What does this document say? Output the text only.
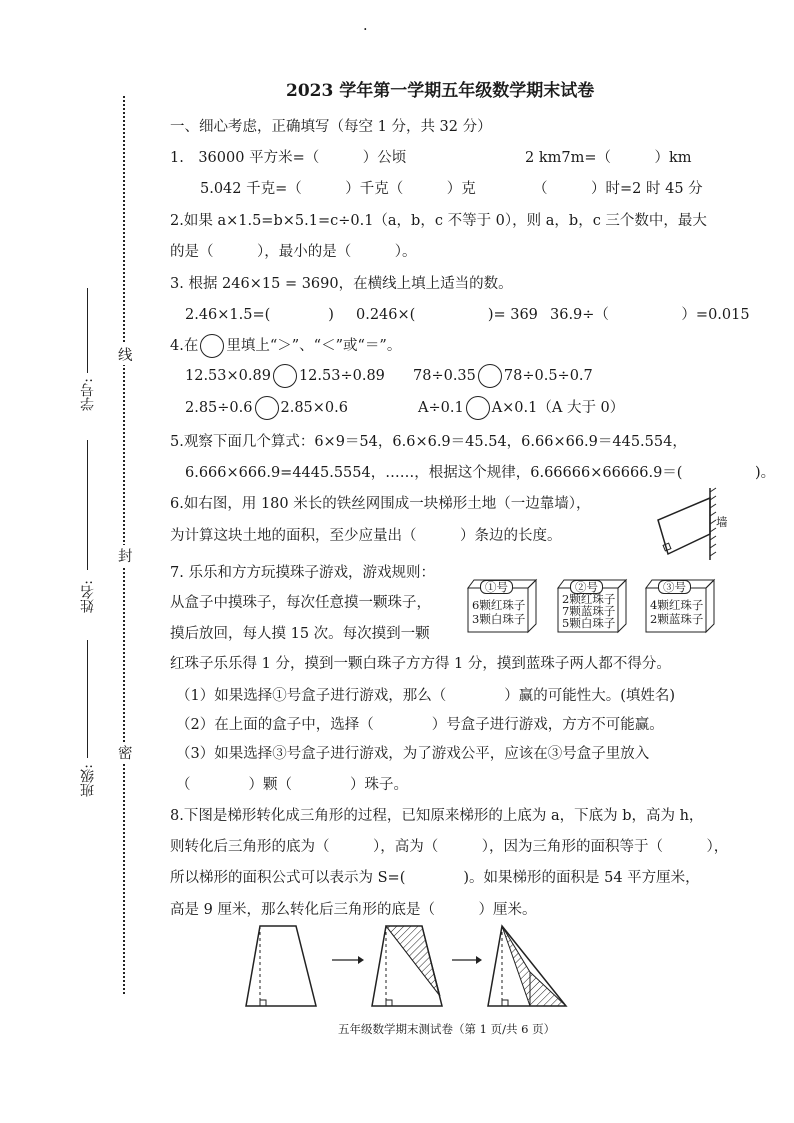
·
2023 学年第一学期五年级数学期末试卷
线
封
密
学号:
姓名:
班级:
一、细心考虑，正确填写（每空 1 分，共 32 分）
1.　36000 平方米=（　　　）公顷	2 km7m=（　　　）km
5.042 千克=（　　　）千克（　　　）克	（　　　）时=2 时 45 分
2.如果 a×1.5=b×5.1=c÷0.1（a，b，c 不等于 0），则 a，b，c 三个数中，最大
的是（　　　），最小的是（　　　）。
3. 根据 246×15 = 3690，在横线上填上适当的数。
2.46×1.5=(　　　　) 0.246×(　　　　　)= 369 36.9÷（　　　　　）=0.015
4.在 里填上“＞”、“＜”或“＝”。
12.53×0.89 12.53÷0.89 78÷0.35 78÷0.5÷0.7
2.85÷0.6 2.85×0.6	A÷0.1 A×0.1（A 大于 0）
5.观察下面几个算式：6×9＝54，6.6×6.9＝45.54，6.66×66.9＝445.554，
6.666×666.9=4445.5554，……，根据这个规律，6.66666×66666.9＝(　　　　　)。
6.如右图，用 180 米长的铁丝网围成一块梯形土地（一边靠墙），
为计算这块土地的面积，至少应量出（　　　）条边的长度。
墙
7. 乐乐和方方玩摸珠子游戏，游戏规则：
从盒子中摸珠子，每次任意摸一颗珠子，
摸后放回，每人摸 15 次。每次摸到一颗
红珠子乐乐得 1 分，摸到一颗白珠子方方得 1 分，摸到蓝珠子两人都不得分。
（1）如果选择①号盒子进行游戏，那么（　　　　）赢的可能性大。(填姓名)
（2）在上面的盒子中，选择（　　　　）号盒子进行游戏，方方不可能赢。
（3）如果选择③号盒子进行游戏，为了游戏公平，应该在③号盒子里放入
（　　　　）颗（　　　　）珠子。
①号
6颗红珠子
3颗白珠子
②号
2颗红珠子
7颗蓝珠子
5颗白珠子
③号
4颗红珠子
2颗蓝珠子
8.下图是梯形转化成三角形的过程，已知原来梯形的上底为 a，下底为 b，高为 h，
则转化后三角形的底为（　　　），高为（　　　），因为三角形的面积等于（　　　），
所以梯形的面积公式可以表示为 S=(　　　　)。如果梯形的面积是 54 平方厘米，
高是 9 厘米，那么转化后三角形的底是（　　　）厘米。
五年级数学期末测试卷（第 1 页/共 6 页）
